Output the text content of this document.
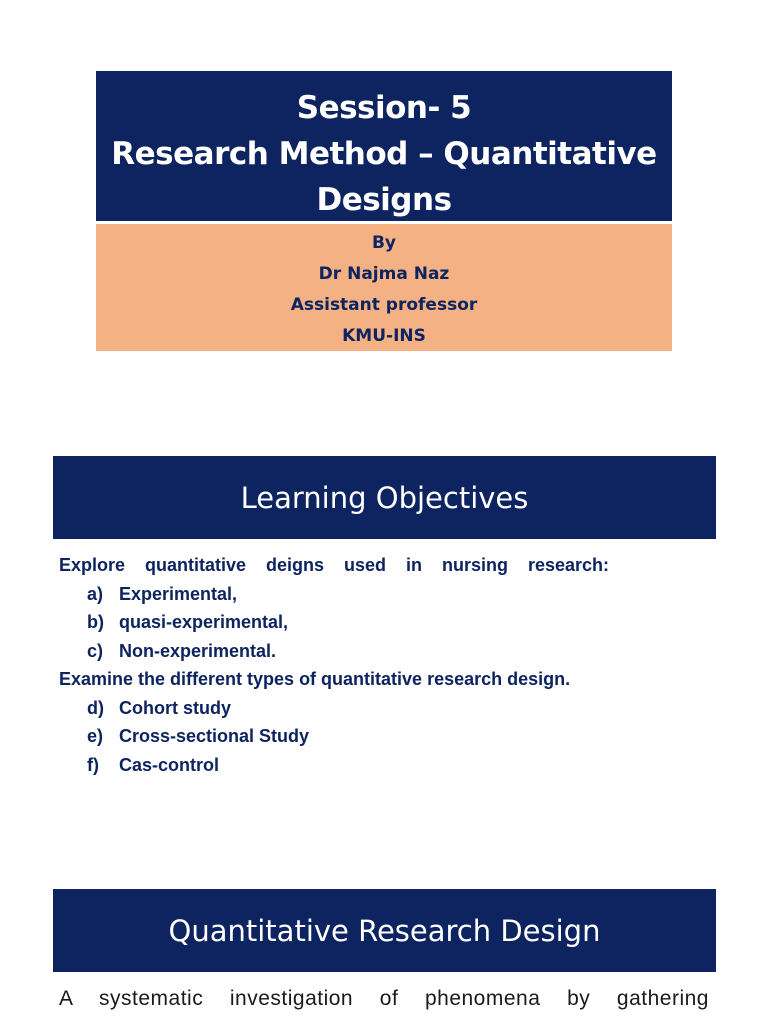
Session- 5
Research Method – Quantitative
Designs
By
Dr Najma Naz
Assistant professor
KMU-INS
Learning Objectives
Explore quantitative deigns used in nursing research:
a) Experimental,
b) quasi-experimental,
c) Non-experimental.
Examine the different types of quantitative research design.
d) Cohort study
e) Cross-sectional Study
f) Cas-control
Quantitative Research Design
A systematic investigation of phenomena by gathering
